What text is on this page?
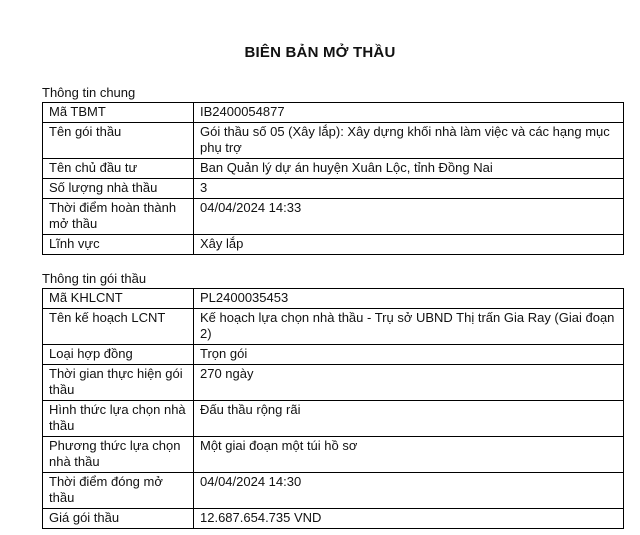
BIÊN BẢN MỞ THẦU
Thông tin chung
Mã TBMT	IB2400054877
Tên gói thầu	Gói thầu số 05 (Xây lắp): Xây dựng khối nhà làm việc và các hạng mục phụ trợ
Tên chủ đầu tư	Ban Quản lý dự án huyện Xuân Lộc, tỉnh Đồng Nai
Số lượng nhà thầu	3
Thời điểm hoàn thành mở thầu	04/04/2024 14:33
Lĩnh vực	Xây lắp
Thông tin gói thầu
Mã KHLCNT	PL2400035453
Tên kế hoạch LCNT	Kế hoạch lựa chọn nhà thầu - Trụ sở UBND Thị trấn Gia Ray (Giai đoạn 2)
Loại hợp đồng	Trọn gói
Thời gian thực hiện gói thầu	270 ngày
Hình thức lựa chọn nhà thầu	Đấu thầu rộng rãi
Phương thức lựa chọn nhà thầu	Một giai đoạn một túi hồ sơ
Thời điểm đóng mở thầu	04/04/2024 14:30
Giá gói thầu	12.687.654.735 VND
